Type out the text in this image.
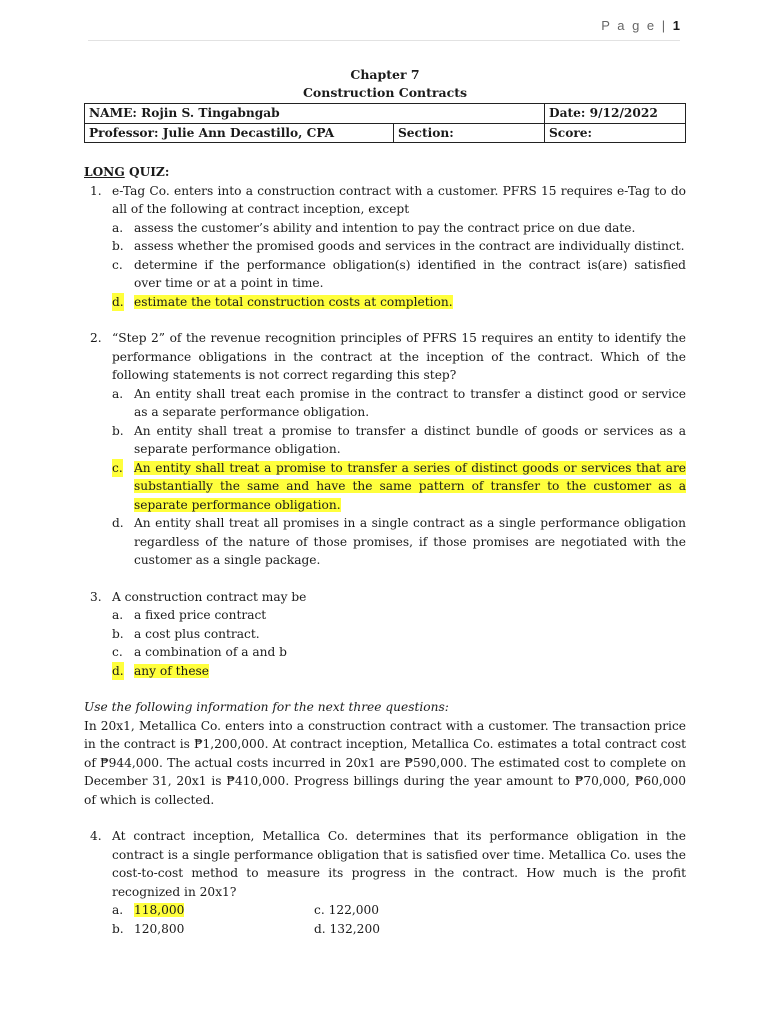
P a g e | 1
Chapter 7
Construction Contracts
NAME: Rojin S. Tingabngab		Date: 9/12/2022
Professor: Julie Ann Decastillo, CPA	Section:	Score:
LONG QUIZ:
1. e-Tag Co. enters into a construction contract with a customer. PFRS 15 requires e-Tag to do all of the following at contract inception, except
a. assess the customer’s ability and intention to pay the contract price on due date.
b. assess whether the promised goods and services in the contract are individually distinct.
c. determine if the performance obligation(s) identified in the contract is(are) satisfied over time or at a point in time.
d. estimate the total construction costs at completion.
2. “Step 2” of the revenue recognition principles of PFRS 15 requires an entity to identify the performance obligations in the contract at the inception of the contract. Which of the following statements is not correct regarding this step?
a. An entity shall treat each promise in the contract to transfer a distinct good or service as a separate performance obligation.
b. An entity shall treat a promise to transfer a distinct bundle of goods or services as a separate performance obligation.
c. An entity shall treat a promise to transfer a series of distinct goods or services that are substantially the same and have the same pattern of transfer to the customer as a separate performance obligation.
d. An entity shall treat all promises in a single contract as a single performance obligation regardless of the nature of those promises, if those promises are negotiated with the customer as a single package.
3. A construction contract may be
a. a fixed price contract
b. a cost plus contract.
c. a combination of a and b
d. any of these
Use the following information for the next three questions:
In 20x1, Metallica Co. enters into a construction contract with a customer. The transaction price in the contract is ₱1,200,000. At contract inception, Metallica Co. estimates a total contract cost of ₱944,000. The actual costs incurred in 20x1 are ₱590,000. The estimated cost to complete on December 31, 20x1 is ₱410,000. Progress billings during the year amount to ₱70,000, ₱60,000 of which is collected.
4. At contract inception, Metallica Co. determines that its performance obligation in the contract is a single performance obligation that is satisfied over time. Metallica Co. uses the cost-to-cost method to measure its progress in the contract. How much is the profit recognized in 20x1?
a. 118,000	c. 122,000
b. 120,800	d. 132,200
